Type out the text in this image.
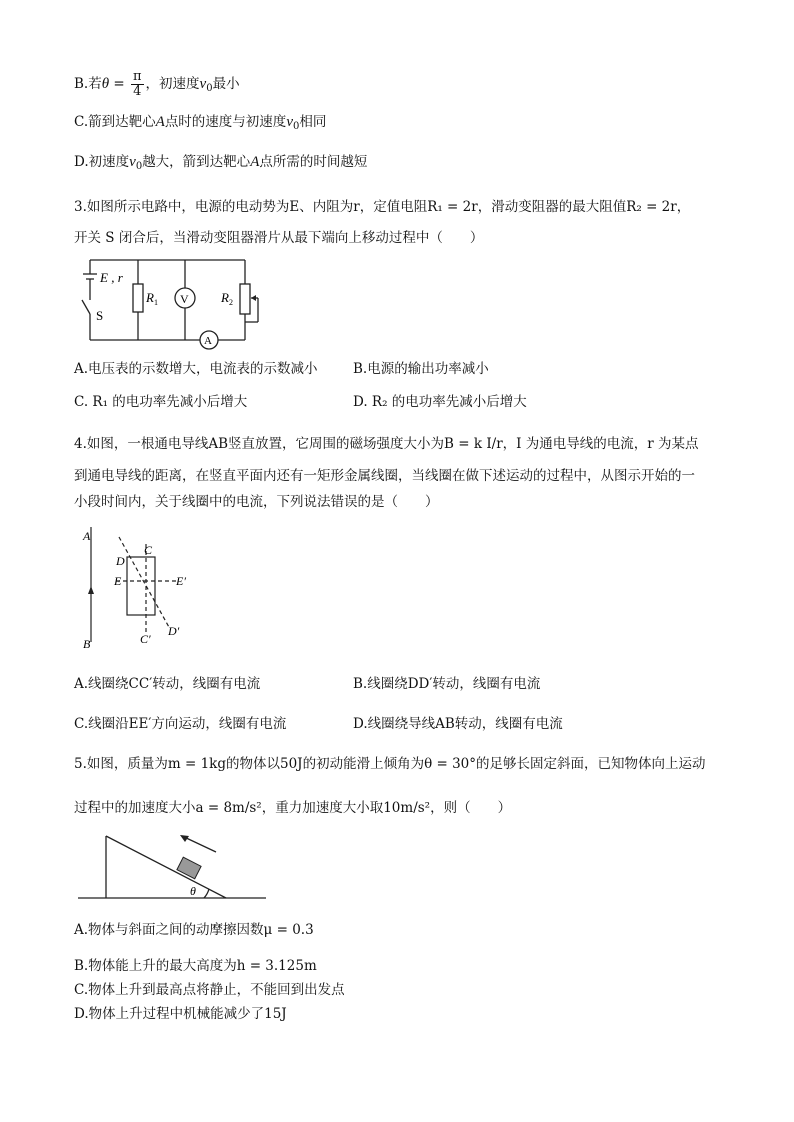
B.若$\theta = \frac{\pi}{4}$ ，初速度$v_0$最小
C.箭到达靶心A点时的速度与初速度$v_0$相同
D.初速度$v_0$越大，箭到达靶心A点所需的时间越短
3.如图所示电路中，电源的电动势为E、内阻为r，定值电阻R₁ = 2r，滑动变阻器的最大阻值R₂ = 2r，
开关 S 闭合后，当滑动变阻器滑片从最下端向上移动过程中（　　）
E , r
S
$R_1$ V $R_2$
A
A.电压表的示数增大，电流表的示数减小	B.电源的输出功率减小
C. R₁ 的电功率先减小后增大	D. R₂ 的电功率先减小后增大
4.如图，一根通电导线AB竖直放置，它周围的磁场强度大小为B = k I/r，I 为通电导线的电流，r 为某点
到通电导线的距离，在竖直平面内还有一矩形金属线圈，当线圈在做下述运动的过程中，从图示开始的一
小段时间内，关于线圈中的电流，下列说法错误的是（　　）
A
B
C
C′
D
D′
E	E′
A.线圈绕CC′转动，线圈有电流	B.线圈绕DD′转动，线圈有电流
C.线圈沿EE′方向运动，线圈有电流	D.线圈绕导线AB转动，线圈有电流
5.如图，质量为m = 1kg的物体以50J的初动能滑上倾角为θ = 30°的足够长固定斜面，已知物体向上运动
过程中的加速度大小a = 8m/s²，重力加速度大小取10m/s²，则（　　）
θ
A.物体与斜面之间的动摩擦因数μ = 0.3
B.物体能上升的最大高度为h = 3.125m
C.物体上升到最高点将静止，不能回到出发点
D.物体上升过程中机械能减少了15J
